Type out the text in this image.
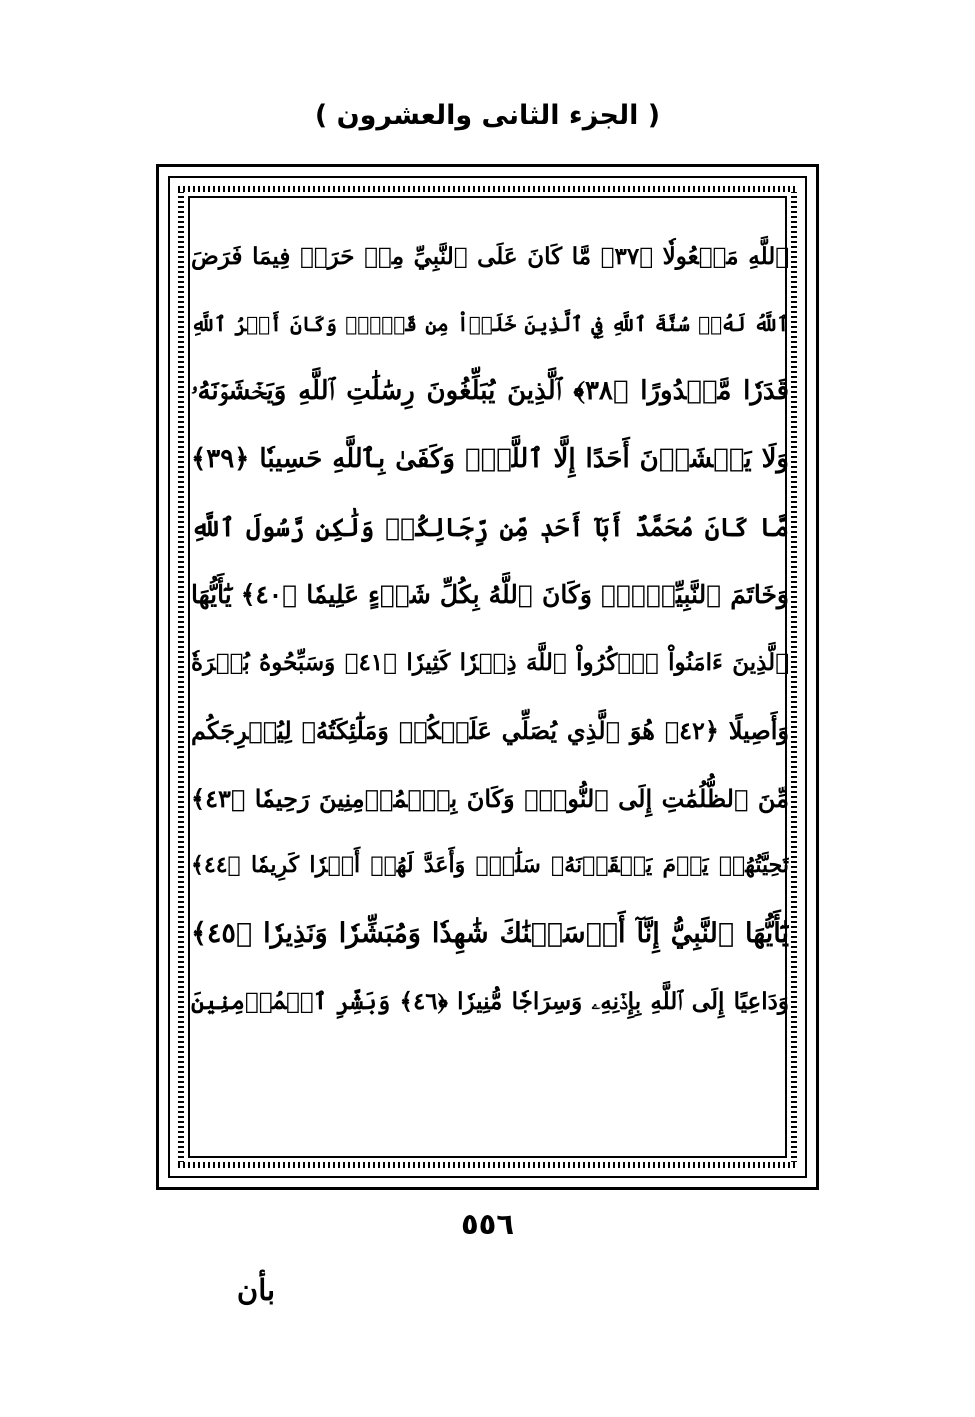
( الجزء الثانى والعشرون )
ٱللَّهِ مَفۡعُولٗا ﴿٣٧﴾ مَّا كَانَ عَلَى ٱلنَّبِيِّ مِنۡ حَرَجٖ فِيمَا فَرَضَ
ٱللَّهُ لَهُۥۖ سُنَّةَ ٱللَّهِ فِي ٱلَّذِينَ خَلَوۡاْ مِن قَبۡلُۚ وَكَانَ أَمۡرُ ٱللَّهِ
قَدَرٗا مَّقۡدُورًا ﴿٣٨﴾ ٱلَّذِينَ يُبَلِّغُونَ رِسَٰلَٰتِ ٱللَّهِ وَيَخۡشَوۡنَهُۥ
وَلَا يَخۡشَوۡنَ أَحَدًا إِلَّا ٱللَّهَۗ وَكَفَىٰ بِٱللَّهِ حَسِيبٗا ﴿٣٩﴾
مَّا كَانَ مُحَمَّدٌ أَبَآ أَحَدٖ مِّن رِّجَالِكُمۡ وَلَٰكِن رَّسُولَ ٱللَّهِ
وَخَاتَمَ ٱلنَّبِيِّـۧنَۗ وَكَانَ ٱللَّهُ بِكُلِّ شَيۡءٍ عَلِيمٗا ﴿٤٠﴾ يَٰٓأَيُّهَا
ٱلَّذِينَ ءَامَنُواْ ٱذۡكُرُواْ ٱللَّهَ ذِكۡرٗا كَثِيرٗا ﴿٤١﴾ وَسَبِّحُوهُ بُكۡرَةٗ
وَأَصِيلًا ﴿٤٢﴾ هُوَ ٱلَّذِي يُصَلِّي عَلَيۡكُمۡ وَمَلَٰٓئِكَتُهُۥ لِيُخۡرِجَكُم
مِّنَ ٱلظُّلُمَٰتِ إِلَى ٱلنُّورِۚ وَكَانَ بِٱلۡمُؤۡمِنِينَ رَحِيمٗا ﴿٤٣﴾
تَحِيَّتُهُمۡ يَوۡمَ يَلۡقَوۡنَهُۥ سَلَٰمٞۚ وَأَعَدَّ لَهُمۡ أَجۡرٗا كَرِيمٗا ﴿٤٤﴾
يَٰٓأَيُّهَا ٱلنَّبِيُّ إِنَّآ أَرۡسَلۡنَٰكَ شَٰهِدٗا وَمُبَشِّرٗا وَنَذِيرٗا ﴿٤٥﴾
وَدَاعِيًا إِلَى ٱللَّهِ بِإِذۡنِهِۦ وَسِرَاجٗا مُّنِيرٗا ﴿٤٦﴾ وَبَشِّرِ ٱلۡمُؤۡمِنِينَ
٥٥٦
بأن
